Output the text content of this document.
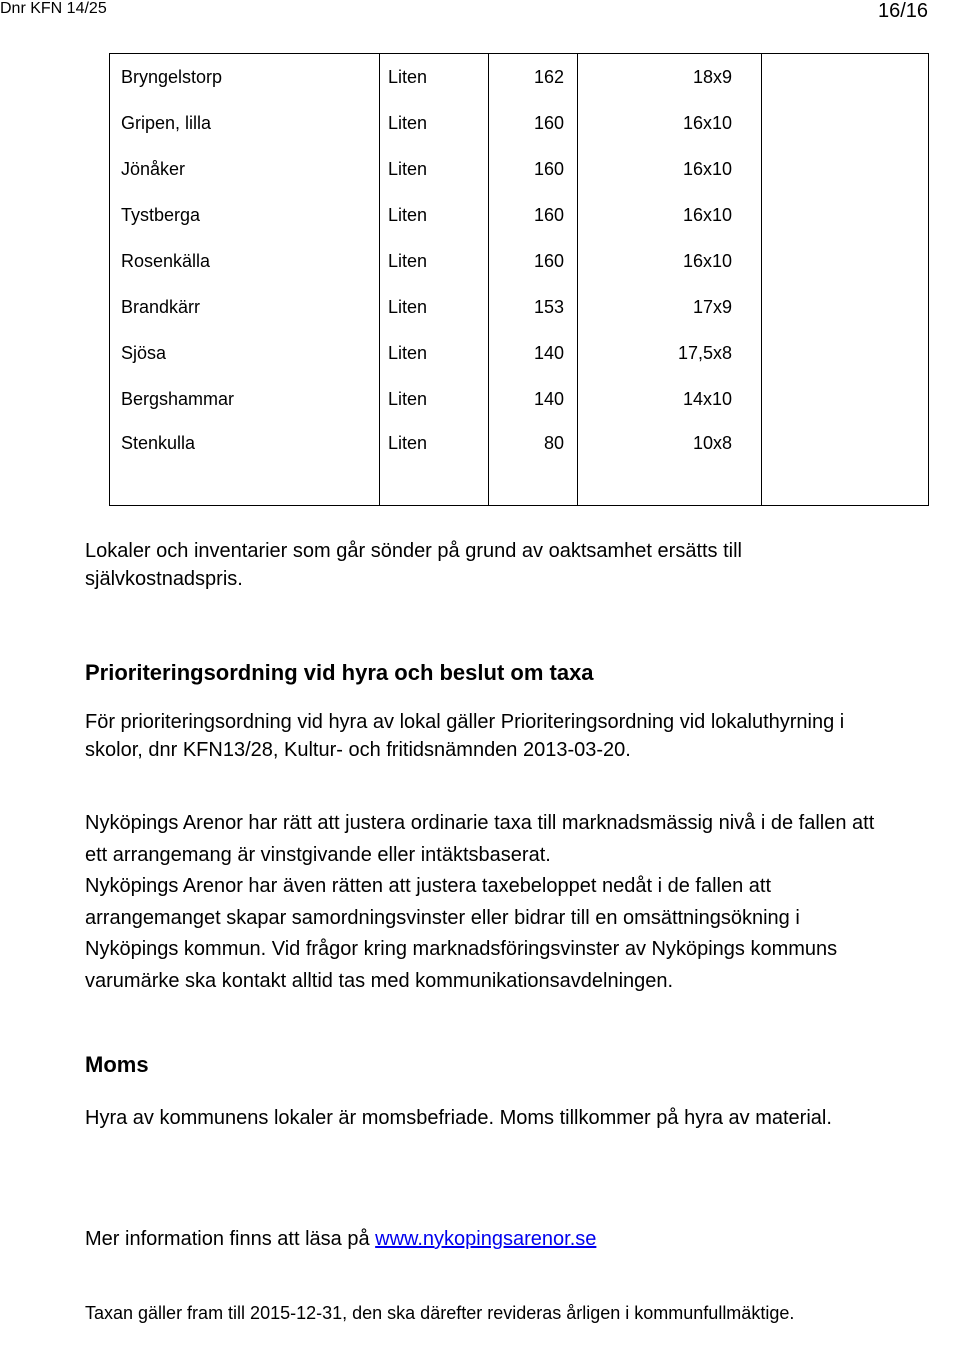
Dnr KFN 14/25	16/16
Bryngelstorp	Liten	162	18x9	
Gripen, lilla	Liten	160	16x10	
Jönåker	Liten	160	16x10	
Tystberga	Liten	160	16x10	
Rosenkälla	Liten	160	16x10	
Brandkärr	Liten	153	17x9	
Sjösa	Liten	140	17,5x8	
Bergshammar	Liten	140	14x10	
Stenkulla	Liten	80	10x8	

Lokaler och inventarier som går sönder på grund av oaktsamhet ersätts till självkostnadspris.

Prioriteringsordning vid hyra och beslut om taxa

För prioriteringsordning vid hyra av lokal gäller Prioriteringsordning vid lokaluthyrning i skolor, dnr KFN13/28, Kultur- och fritidsnämnden 2013-03-20.

Nyköpings Arenor har rätt att justera ordinarie taxa till marknadsmässig nivå i de fallen att ett arrangemang är vinstgivande eller intäktsbaserat.

Nyköpings Arenor har även rätten att justera taxebeloppet nedåt i de fallen att arrangemanget skapar samordningsvinster eller bidrar till en omsättningsökning i Nyköpings kommun. Vid frågor kring marknadsföringsvinster av Nyköpings kommuns varumärke ska kontakt alltid tas med kommunikationsavdelningen.

Moms

Hyra av kommunens lokaler är momsbefriade. Moms tillkommer på hyra av material.

Mer information finns att läsa på www.nykopingsarenor.se

Taxan gäller fram till 2015-12-31, den ska därefter revideras årligen i kommunfullmäktige.
